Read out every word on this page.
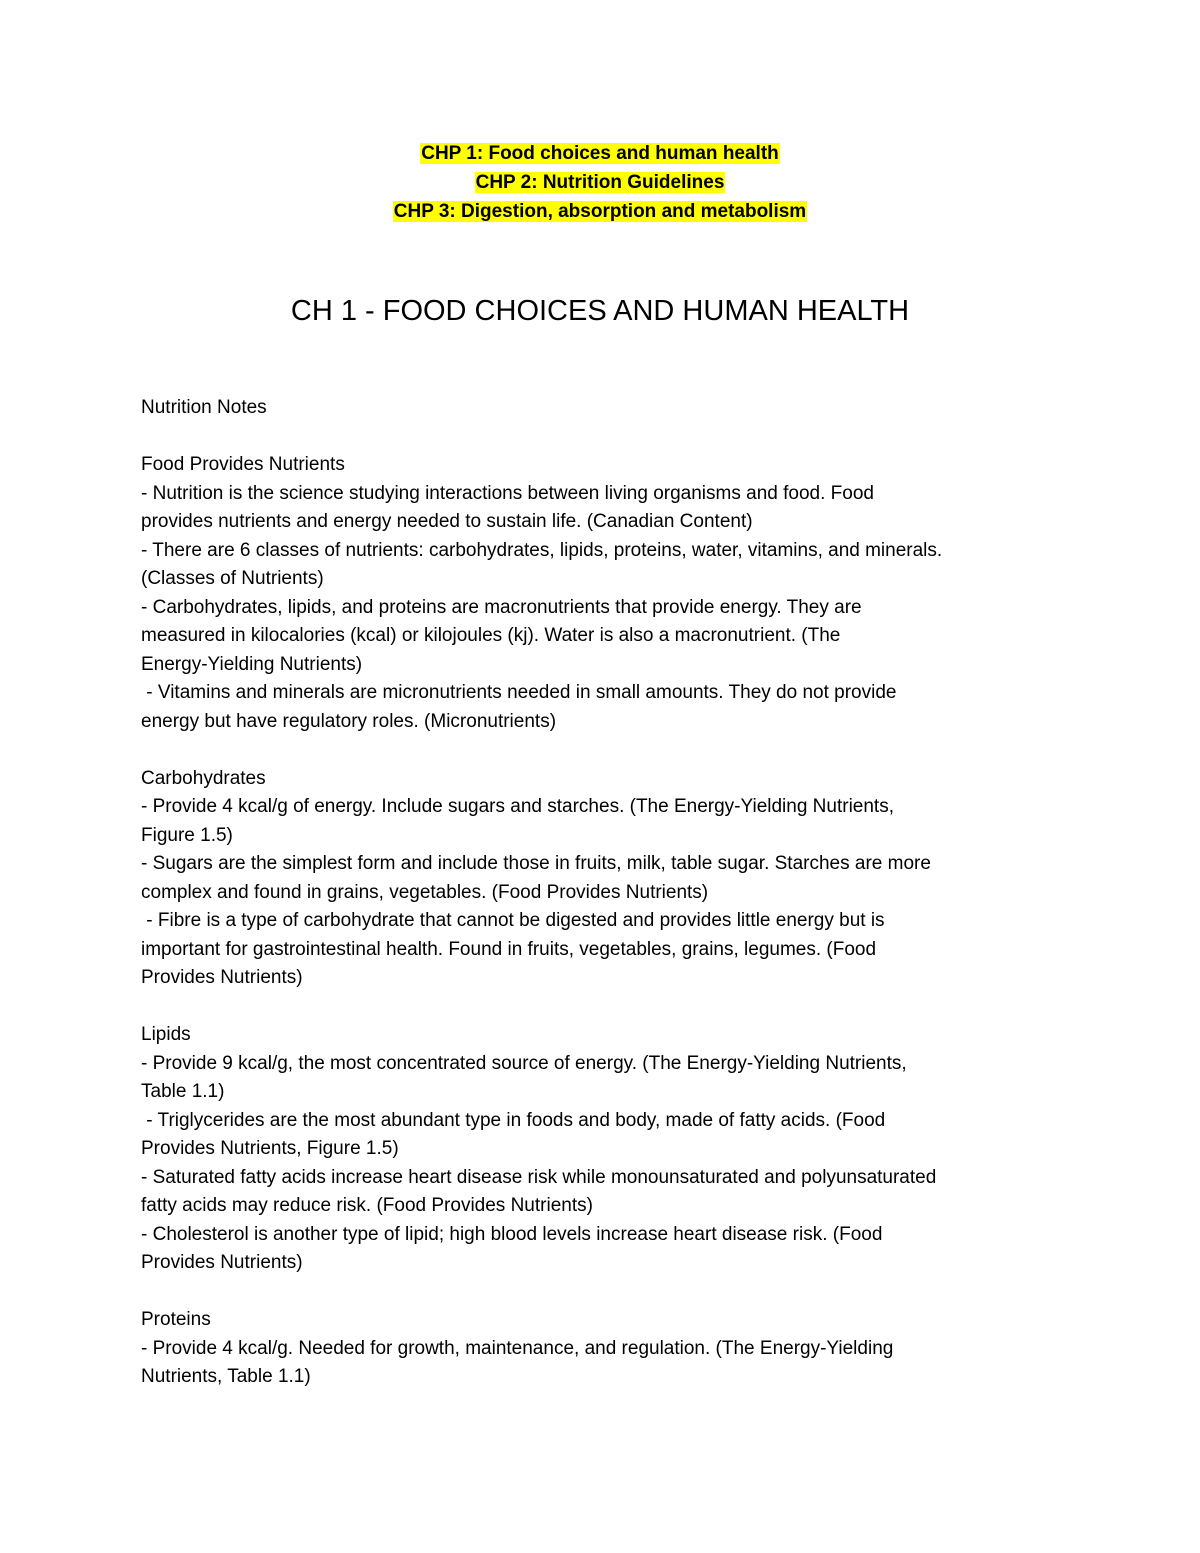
CHP 1: Food choices and human health
CHP 2: Nutrition Guidelines
CHP 3: Digestion, absorption and metabolism
CH 1 - FOOD CHOICES AND HUMAN HEALTH
Nutrition Notes
Food Provides Nutrients
- Nutrition is the science studying interactions between living organisms and food. Food
provides nutrients and energy needed to sustain life. (Canadian Content)
- There are 6 classes of nutrients: carbohydrates, lipids, proteins, water, vitamins, and minerals.
(Classes of Nutrients)
- Carbohydrates, lipids, and proteins are macronutrients that provide energy. They are
measured in kilocalories (kcal) or kilojoules (kj). Water is also a macronutrient. (The
Energy-Yielding Nutrients)
- Vitamins and minerals are micronutrients needed in small amounts. They do not provide
energy but have regulatory roles. (Micronutrients)
Carbohydrates
- Provide 4 kcal/g of energy. Include sugars and starches. (The Energy-Yielding Nutrients,
Figure 1.5)
- Sugars are the simplest form and include those in fruits, milk, table sugar. Starches are more
complex and found in grains, vegetables. (Food Provides Nutrients)
- Fibre is a type of carbohydrate that cannot be digested and provides little energy but is
important for gastrointestinal health. Found in fruits, vegetables, grains, legumes. (Food
Provides Nutrients)
Lipids
- Provide 9 kcal/g, the most concentrated source of energy. (The Energy-Yielding Nutrients,
Table 1.1)
- Triglycerides are the most abundant type in foods and body, made of fatty acids. (Food
Provides Nutrients, Figure 1.5)
- Saturated fatty acids increase heart disease risk while monounsaturated and polyunsaturated
fatty acids may reduce risk. (Food Provides Nutrients)
- Cholesterol is another type of lipid; high blood levels increase heart disease risk. (Food
Provides Nutrients)
Proteins
- Provide 4 kcal/g. Needed for growth, maintenance, and regulation. (The Energy-Yielding
Nutrients, Table 1.1)
